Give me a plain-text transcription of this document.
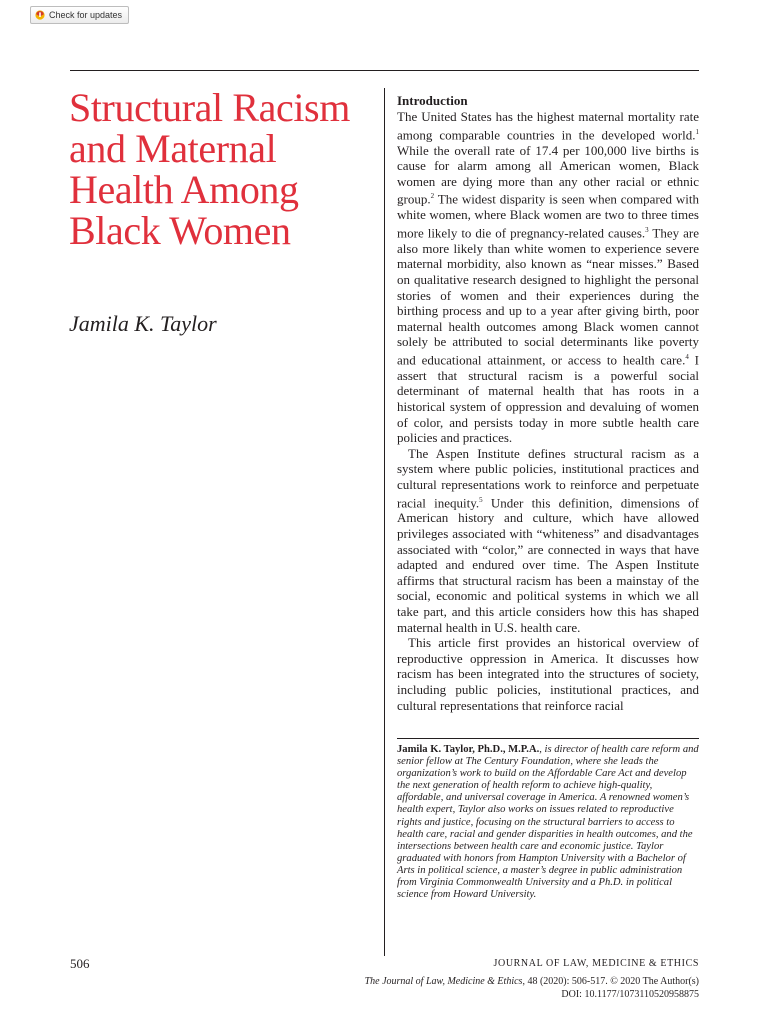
Check for updates
Structural Racism and Maternal Health Among Black Women
Jamila K. Taylor
Introduction

The United States has the highest maternal mortality rate among comparable countries in the developed world.$^1$ While the overall rate of 17.4 per 100,000 live births is cause for alarm among all American women, Black women are dying more than any other racial or ethnic group.$^2$ The widest disparity is seen when compared with white women, where Black women are two to three times more likely to die of pregnancy-related causes.$^3$ They are also more likely than white women to experience severe maternal morbidity, also known as “near misses.” Based on qualitative research designed to highlight the personal stories of women and their experiences during the birthing process and up to a year after giving birth, poor maternal health outcomes among Black women cannot solely be attributed to social determinants like poverty and educational attainment, or access to health care.$^4$ I assert that structural racism is a powerful social determinant of maternal health that has roots in a historical system of oppression and devaluing of women of color, and persists today in more subtle health care policies and practices.

The Aspen Institute defines structural racism as a system where public policies, institutional practices and cultural representations work to reinforce and perpetuate racial inequity.$^5$ Under this definition, dimensions of American history and culture, which have allowed privileges associated with “whiteness” and disadvantages associated with “color,” are connected in ways that have adapted and endured over time. The Aspen Institute affirms that structural racism has been a mainstay of the social, economic and political systems in which we all take part, and this article considers how this has shaped maternal health in U.S. health care.

This article first provides an historical overview of reproductive oppression in America. It discusses how racism has been integrated into the structures of society, including public policies, institutional practices, and cultural representations that reinforce racial

Jamila K. Taylor, Ph.D., M.P.A., is director of health care reform and senior fellow at The Century Foundation, where she leads the organization’s work to build on the Affordable Care Act and develop the next generation of health reform to achieve high-quality, affordable, and universal coverage in America. A renowned women’s health expert, Taylor also works on issues related to reproductive rights and justice, focusing on the structural barriers to access to health care, racial and gender disparities in health outcomes, and the intersections between health care and economic justice. Taylor graduated with honors from Hampton University with a Bachelor of Arts in political science, a master’s degree in public administration from Virginia Commonwealth University and a Ph.D. in political science from Howard University.

506	JOURNAL OF LAW, MEDICINE & ETHICS
The Journal of Law, Medicine & Ethics, 48 (2020): 506-517. © 2020 The Author(s)
DOI: 10.1177/1073110520958875
